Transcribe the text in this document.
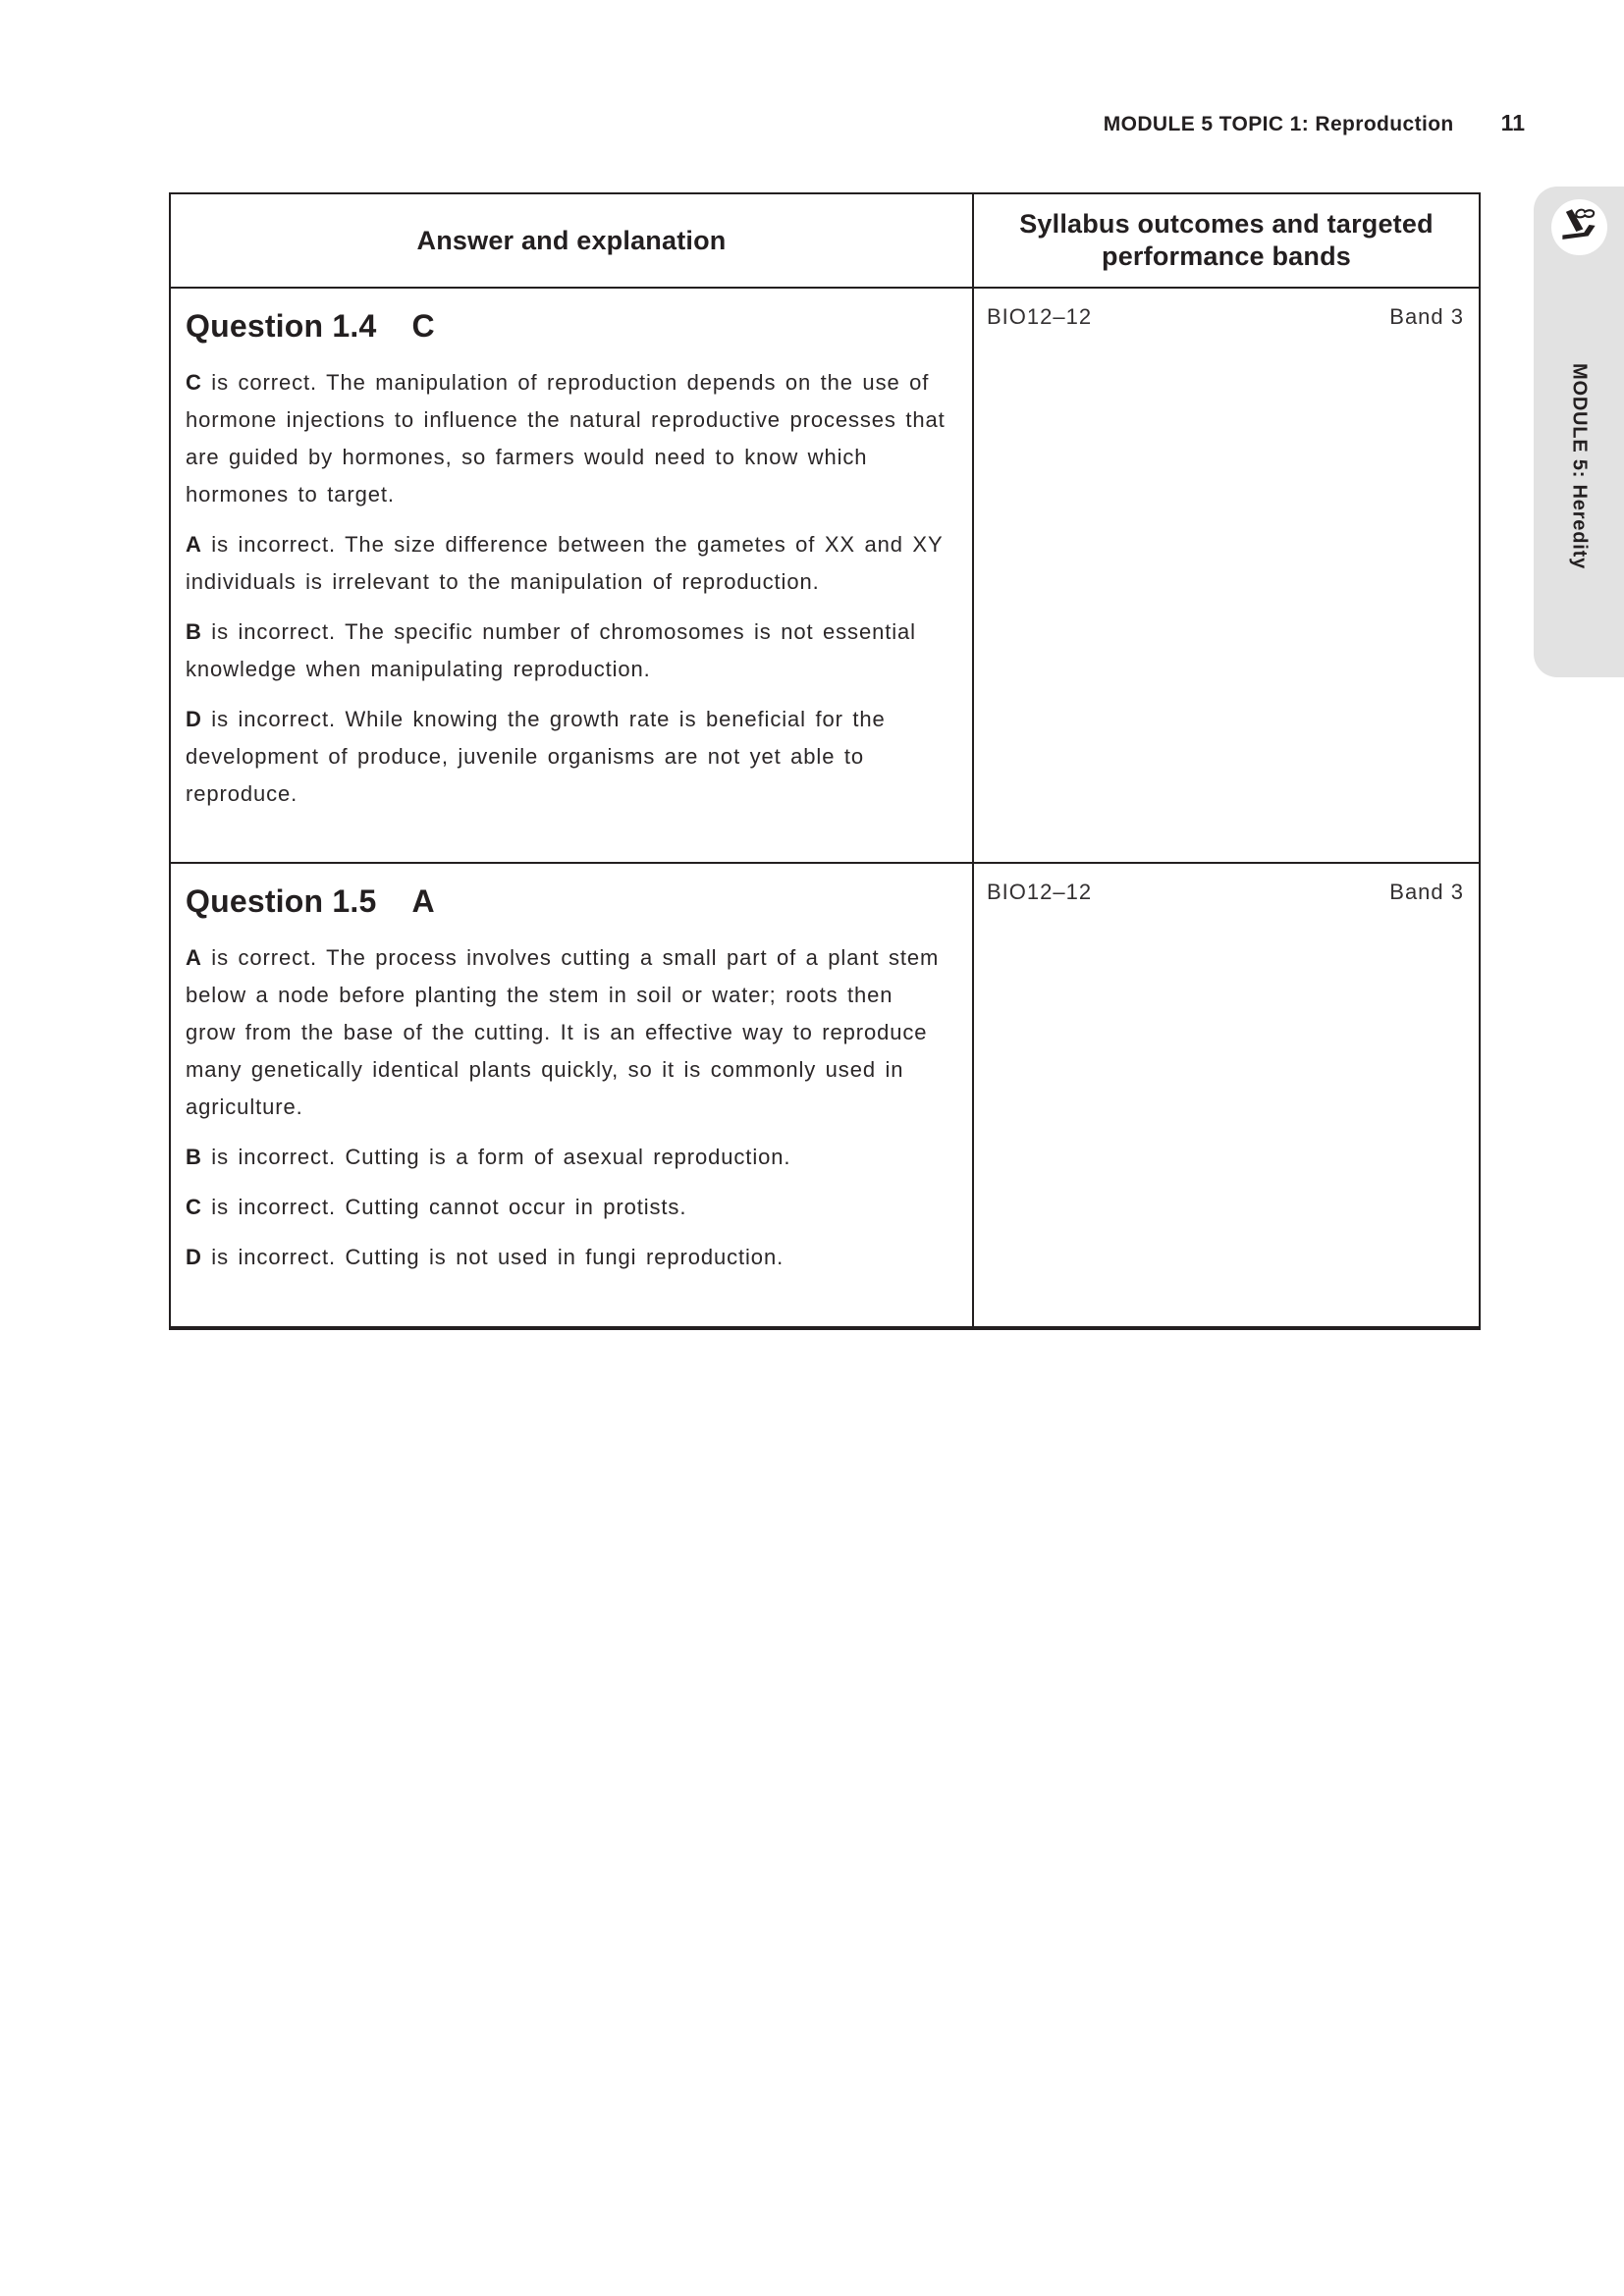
MODULE 5 TOPIC 1: Reproduction 11
Answer and explanation
Syllabus outcomes and targeted performance bands
Question 1.4 C

C is correct. The manipulation of reproduction depends on the use of hormone injections to influence the natural reproductive processes that are guided by hormones, so farmers would need to know which hormones to target.

A is incorrect. The size difference between the gametes of XX and XY individuals is irrelevant to the manipulation of reproduction.

B is incorrect. The specific number of chromosomes is not essential knowledge when manipulating reproduction.

D is incorrect. While knowing the growth rate is beneficial for the development of produce, juvenile organisms are not yet able to reproduce.

BIO12–12	Band 3
Question 1.5 A

A is correct. The process involves cutting a small part of a plant stem below a node before planting the stem in soil or water; roots then grow from the base of the cutting. It is an effective way to reproduce many genetically identical plants quickly, so it is commonly used in agriculture.

B is incorrect. Cutting is a form of asexual reproduction.

C is incorrect. Cutting cannot occur in protists.

D is incorrect. Cutting is not used in fungi reproduction.

BIO12–12	Band 3
MODULE 5: Heredity
